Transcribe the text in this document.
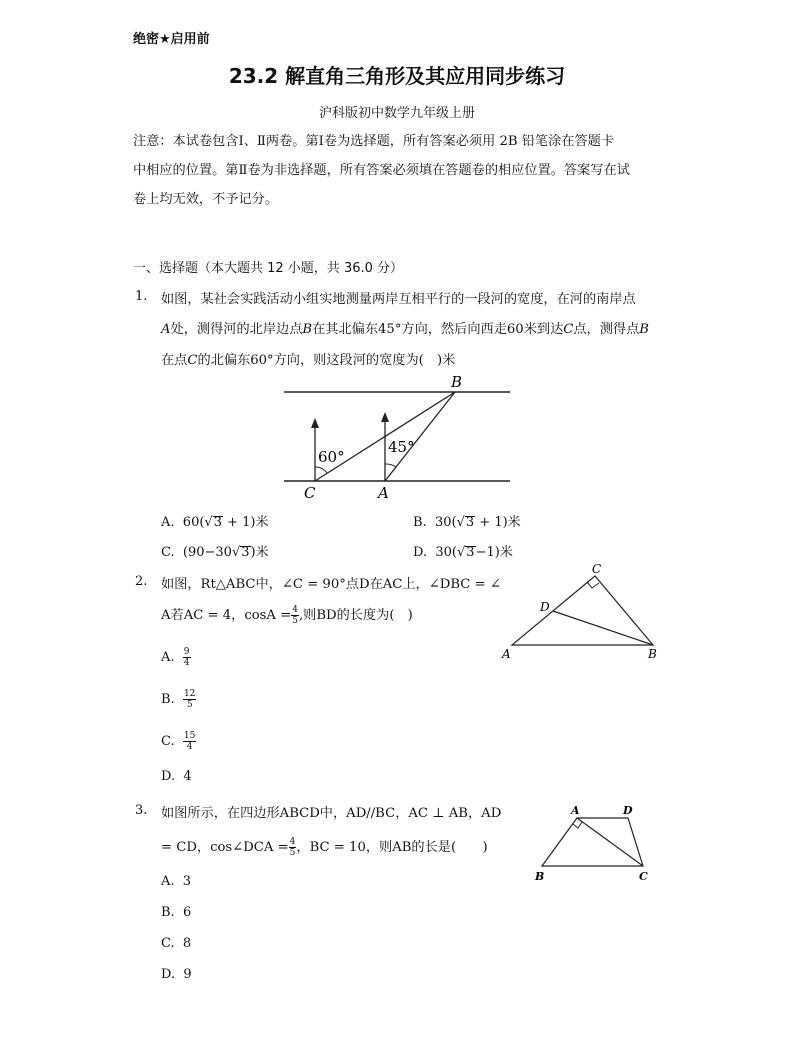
绝密★启用前
23.2 解直角三角形及其应用同步练习
沪科版初中数学九年级上册
注意：本试卷包含Ⅰ、Ⅱ两卷。第Ⅰ卷为选择题，所有答案必须用 2B 铅笔涂在答题卡
中相应的位置。第Ⅱ卷为非选择题，所有答案必须填在答题卷的相应位置。答案写在试
卷上均无效，不予记分。
一、选择题（本大题共 12 小题，共 36.0 分）
1. 如图，某社会实践活动小组实地测量两岸互相平行的一段河的宽度，在河的南岸点
A处，测得河的北岸边点B在其北偏东45°方向，然后向西走60米到达C点，测得点B
在点C的北偏东60°方向，则这段河的宽度为(　)米
60°
45°
B
C	A
A. 60(√3 + 1)米	B. 30(√3 + 1)米
C. (90−30√3)米	D. 30(√3−1)米
2. 如图，Rt△ABC中，∠C = 90°点D在AC上，∠DBC = ∠
A若AC = 4，$\cos A = \frac{4}{5}$ ,则BD的长度为(　)
C
D
A	B
A. $\frac{9}{4}$
B. $\frac{12}{5}$
C. $\frac{15}{4}$
D. 4
3. 如图所示，在四边形ABCD中，AD//BC，AC ⊥ AB，AD
= CD，cos∠DCA = $\frac{4}{5}$ ，BC = 10，则AB的长是(　　)
A	D
B	C
A. 3
B. 6
C. 8
D. 9
